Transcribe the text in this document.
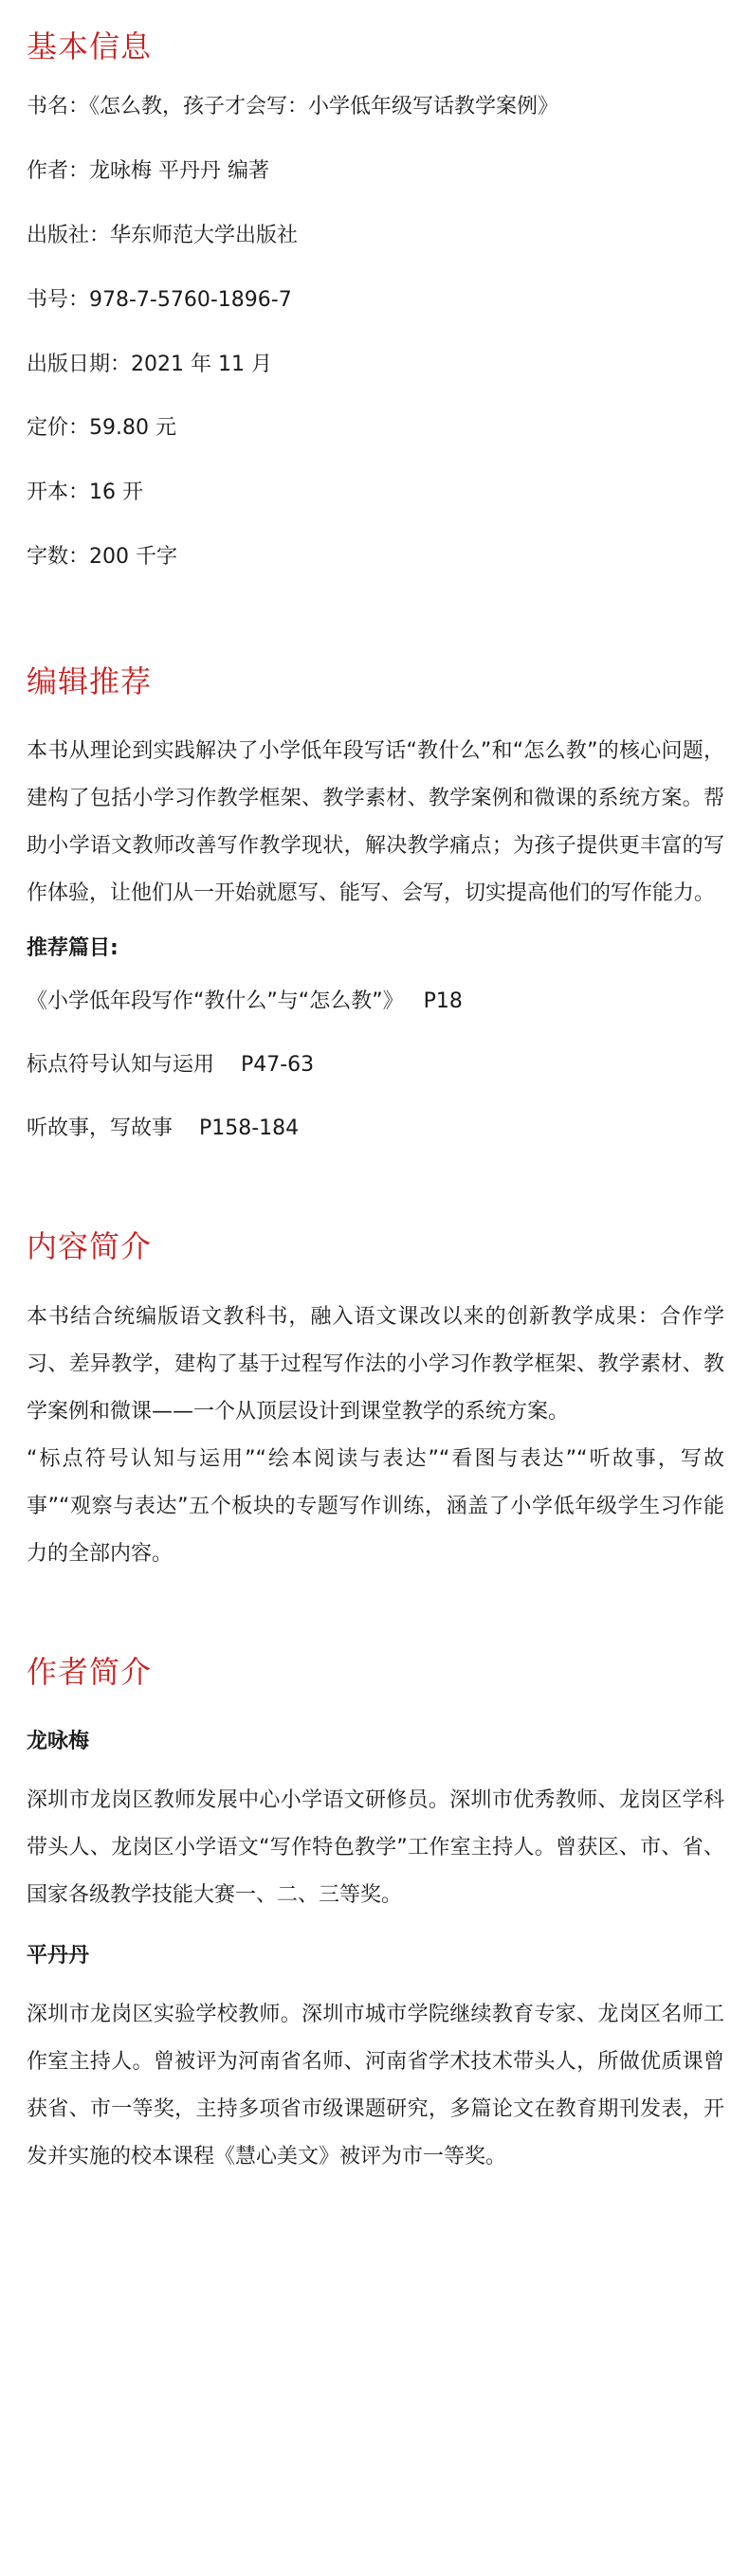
基本信息
书名：《怎么教，孩子才会写：小学低年级写话教学案例》
作者：龙咏梅 平丹丹 编著
出版社：华东师范大学出版社
书号：978-7-5760-1896-7
出版日期：2021 年 11 月
定价：59.80 元
开本：16 开
字数：200 千字
编辑推荐

本书从理论到实践解决了小学低年段写话“教什么”和“怎么教”的核心问题，建构了包括小学习作教学框架、教学素材、教学案例和微课的系统方案。帮助小学语文教师改善写作教学现状，解决教学痛点；为孩子提供更丰富的写作体验，让他们从一开始就愿写、能写、会写，切实提高他们的写作能力。

推荐篇目:
《小学低年段写作“教什么”与“怎么教”》   P18
标点符号认知与运用    P47-63
听故事，写故事    P158-184
内容简介

本书结合统编版语文教科书，融入语文课改以来的创新教学成果：合作学习、差异教学，建构了基于过程写作法的小学习作教学框架、教学素材、教学案例和微课——一个从顶层设计到课堂教学的系统方案。

“标点符号认知与运用”“绘本阅读与表达”“看图与表达”“听故事，写故事”“观察与表达”五个板块的专题写作训练，涵盖了小学低年级学生习作能力的全部内容。

作者简介
龙咏梅

深圳市龙岗区教师发展中心小学语文研修员。深圳市优秀教师、龙岗区学科带头人、龙岗区小学语文“写作特色教学”工作室主持人。曾获区、市、省、国家各级教学技能大赛一、二、三等奖。

平丹丹

深圳市龙岗区实验学校教师。深圳市城市学院继续教育专家、龙岗区名师工作室主持人。曾被评为河南省名师、河南省学术技术带头人，所做优质课曾获省、市一等奖，主持多项省市级课题研究，多篇论文在教育期刊发表，开发并实施的校本课程《慧心美文》被评为市一等奖。
